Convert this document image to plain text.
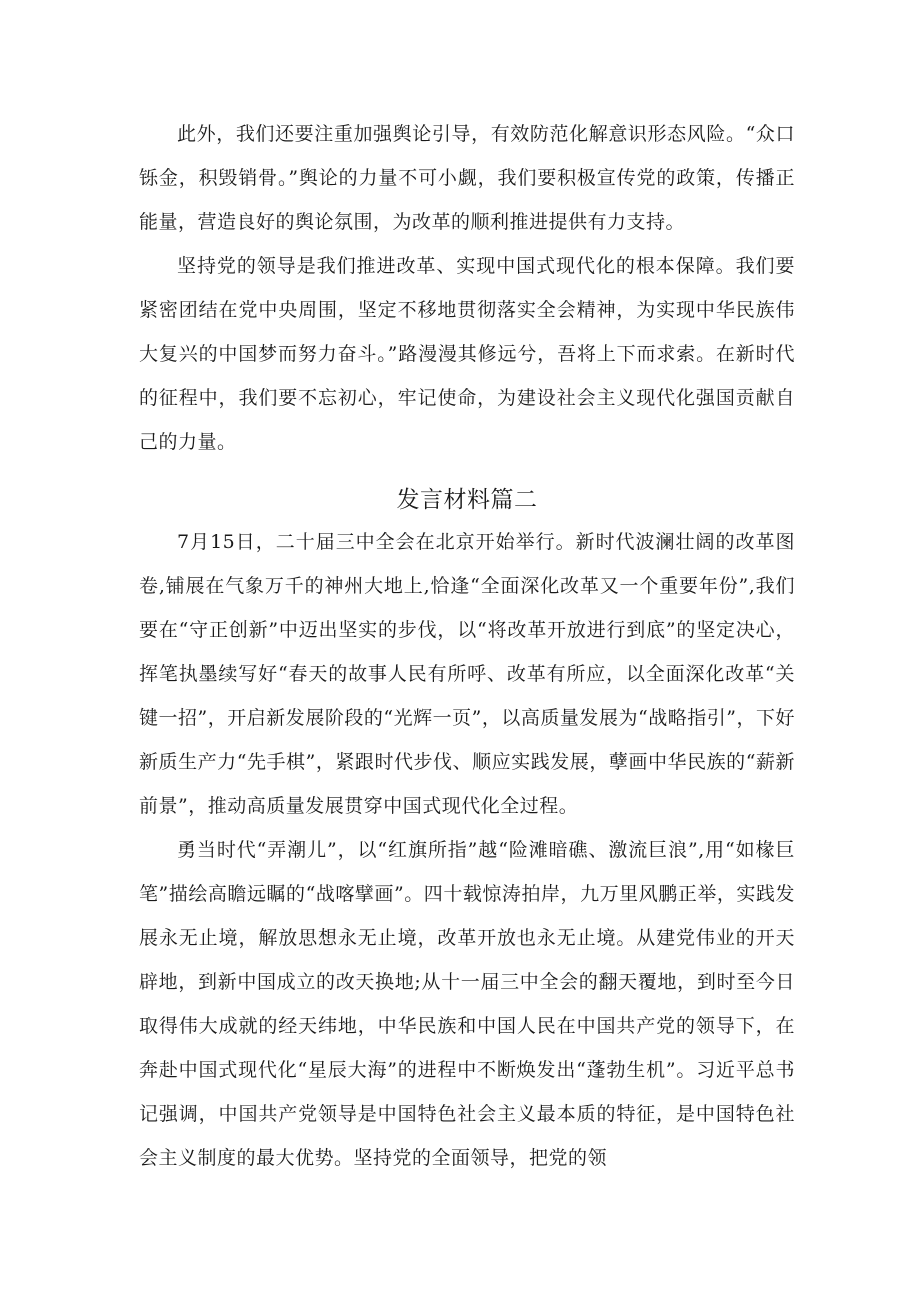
此外，我们还要注重加强舆论引导，有效防范化解意识形态风险。“众口铄金，积毁销骨。”舆论的力量不可小觑，我们要积极宣传党的政策，传播正能量，营造良好的舆论氛围，为改革的顺利推进提供有力支持。

坚持党的领导是我们推进改革、实现中国式现代化的根本保障。我们要紧密团结在党中央周围，坚定不移地贯彻落实全会精神，为实现中华民族伟大复兴的中国梦而努力奋斗。”路漫漫其修远兮，吾将上下而求索。在新时代的征程中，我们要不忘初心，牢记使命，为建设社会主义现代化强国贡献自己的力量。

发言材料篇二

7月15日，二十届三中全会在北京开始举行。新时代波澜壮阔的改革图卷,铺展在气象万千的神州大地上,恰逢“全面深化改革又一个重要年份”,我们要在“守正创新”中迈出坚实的步伐，以“将改革开放进行到底”的坚定决心，挥笔执墨续写好“春天的故事人民有所呼、改革有所应，以全面深化改革“关键一招”，开启新发展阶段的“光辉一页”，以高质量发展为“战略指引”，下好新质生产力“先手棋”，紧跟时代步伐、顺应实践发展，孽画中华民族的“薪新前景”，推动高质量发展贯穿中国式现代化全过程。

勇当时代“弄潮儿”，以“红旗所指”越“险滩暗礁、激流巨浪”,用“如椽巨笔”描绘高瞻远瞩的“战喀擘画”。四十载惊涛拍岸，九万里风鹏正举，实践发展永无止境，解放思想永无止境，改革开放也永无止境。从建党伟业的开天辟地，到新中国成立的改天换地;从十一届三中全会的翻天覆地，到时至今日取得伟大成就的经天纬地，中华民族和中国人民在中国共产党的领导下，在奔赴中国式现代化“星辰大海”的进程中不断焕发出“蓬勃生机”。习近平总书记强调，中国共产党领导是中国特色社会主义最本质的特征，是中国特色社会主义制度的最大优势。坚持党的全面领导，把党的领
